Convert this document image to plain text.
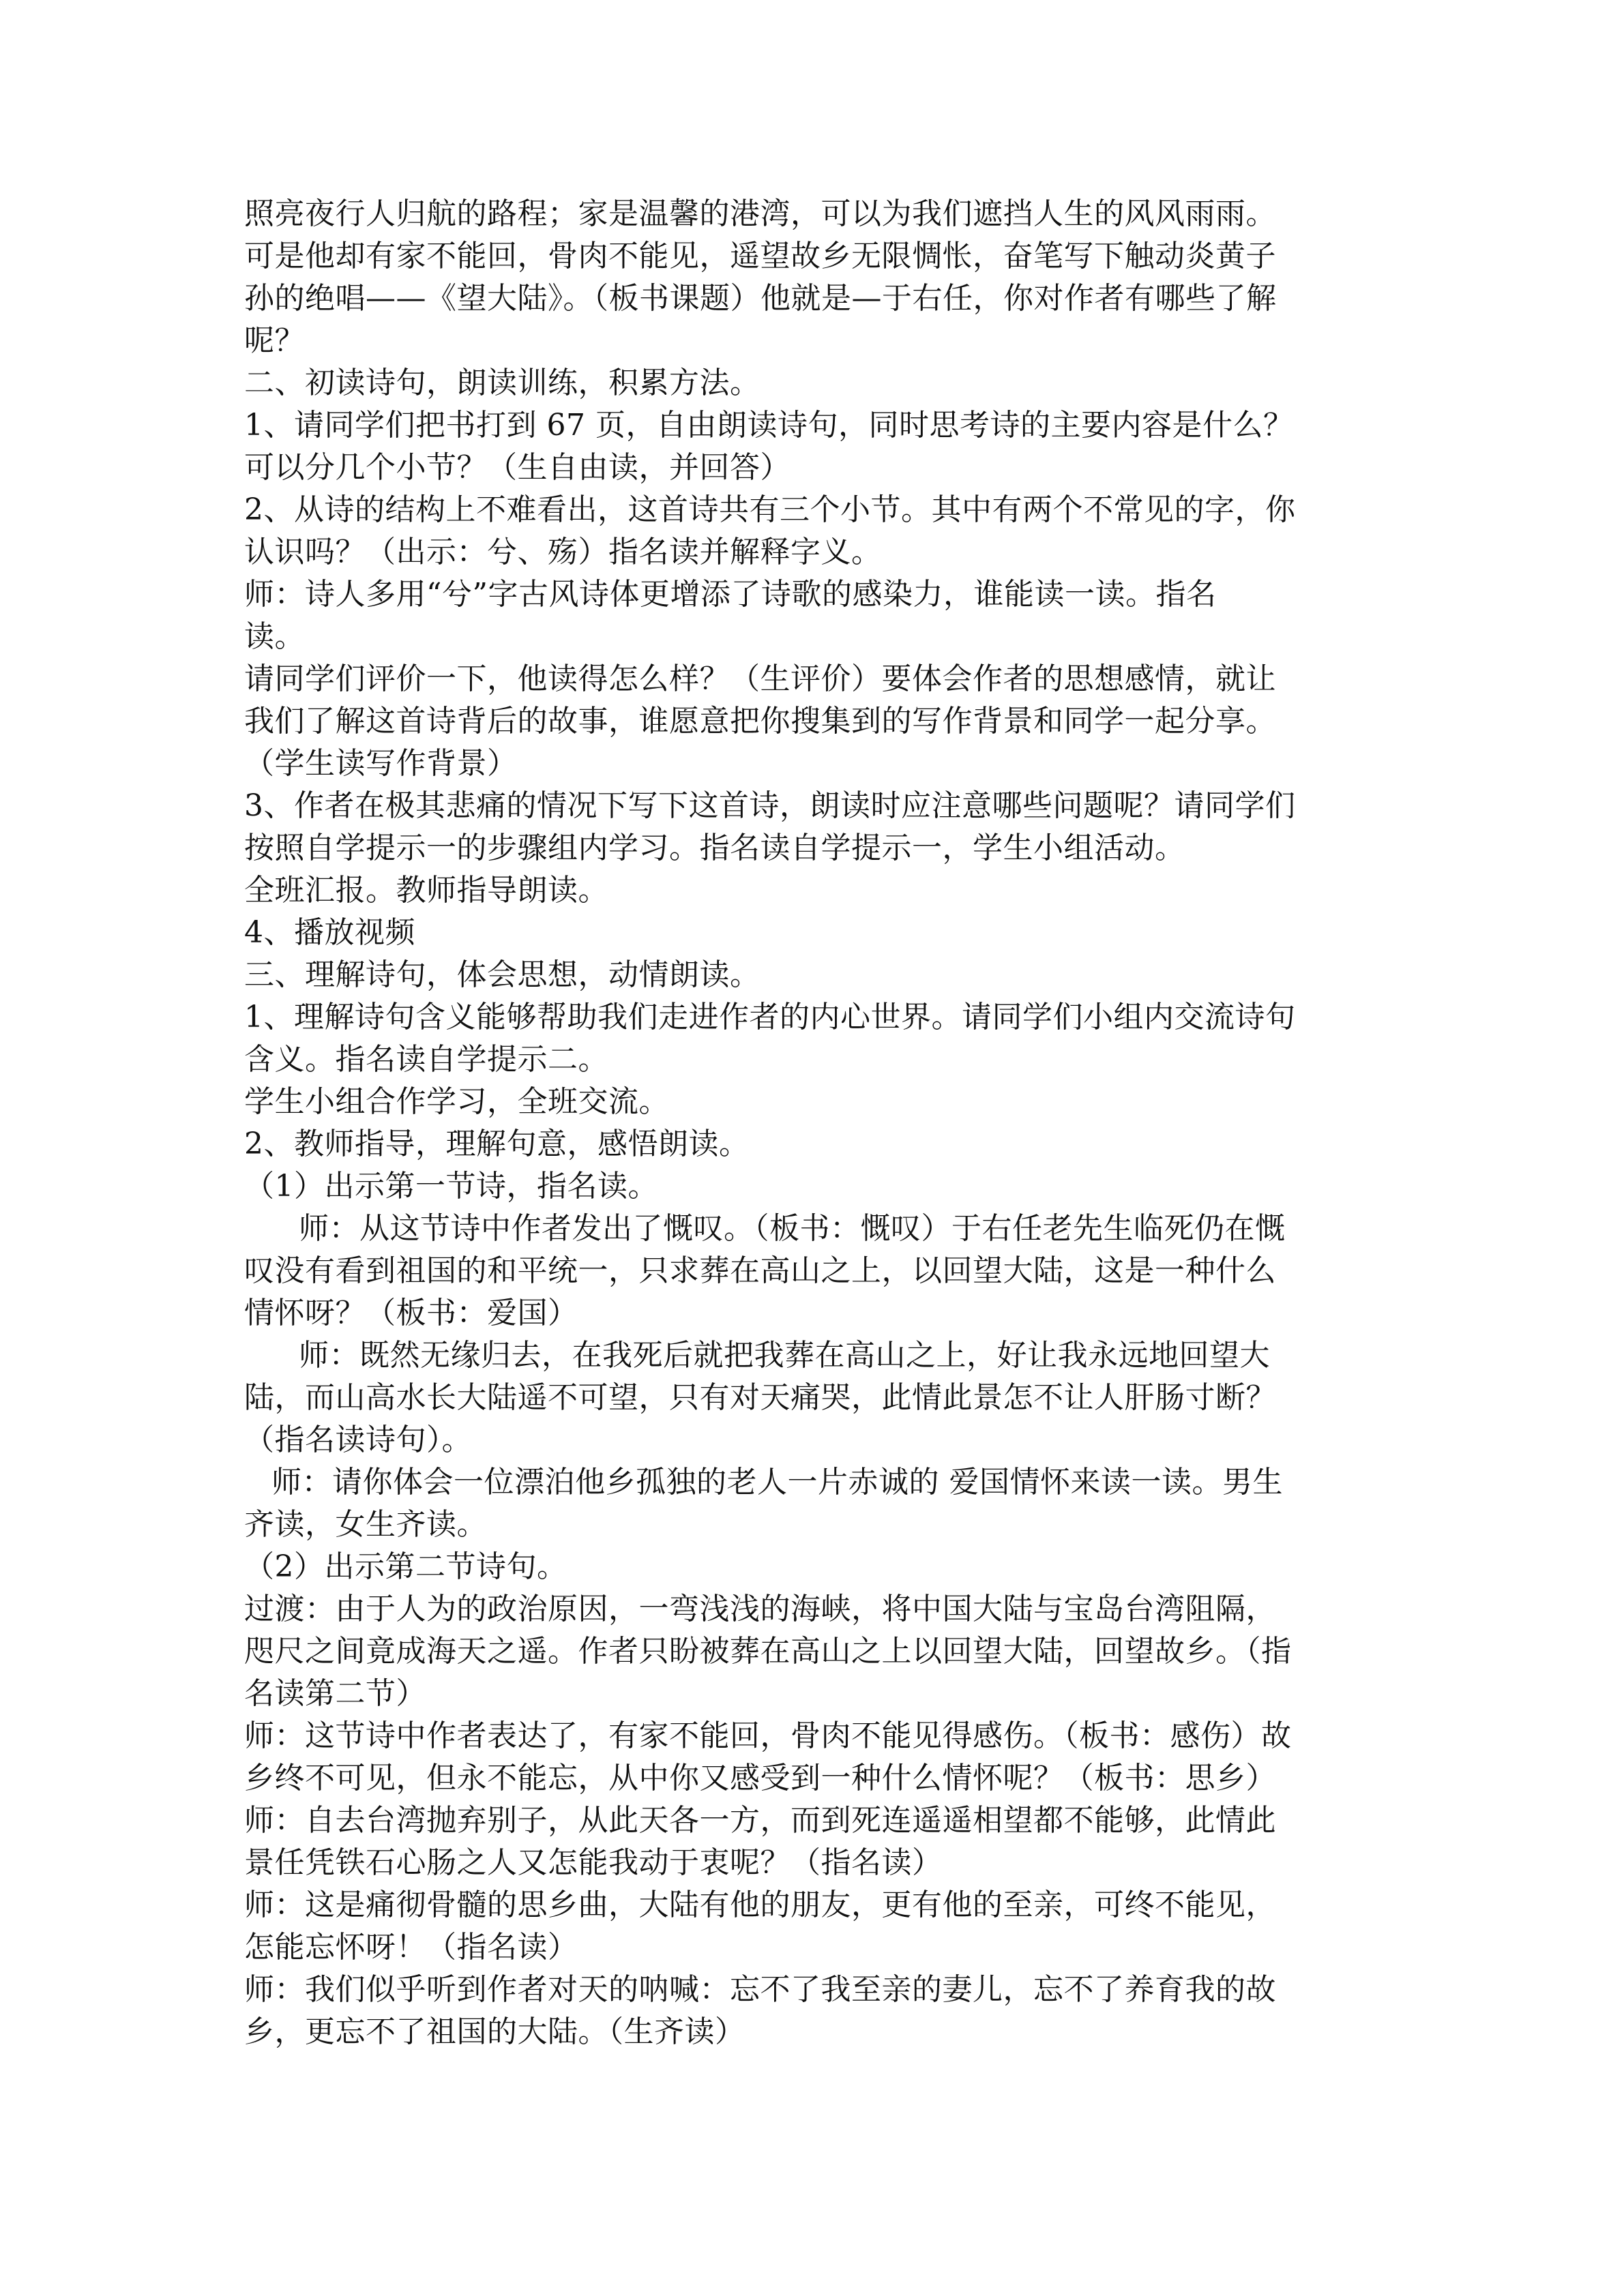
照亮夜行人归航的路程；家是温馨的港湾，可以为我们遮挡人生的风风雨雨。
可是他却有家不能回，骨肉不能见，遥望故乡无限惆怅，奋笔写下触动炎黄子
孙的绝唱——《望大陆》。（板书课题）他就是—于右任，你对作者有哪些了解
呢？
二、初读诗句，朗读训练，积累方法。
1、请同学们把书打到 67 页，自由朗读诗句，同时思考诗的主要内容是什么？
可以分几个小节？（生自由读，并回答）
2、从诗的结构上不难看出，这首诗共有三个小节。其中有两个不常见的字，你
认识吗？（出示：兮、殇）指名读并解释字义。
师：诗人多用“兮”字古风诗体更增添了诗歌的感染力，谁能读一读。指名
读。
请同学们评价一下，他读得怎么样？（生评价）要体会作者的思想感情，就让
我们了解这首诗背后的故事，谁愿意把你搜集到的写作背景和同学一起分享。
（学生读写作背景）
3、作者在极其悲痛的情况下写下这首诗，朗读时应注意哪些问题呢？请同学们
按照自学提示一的步骤组内学习。指名读自学提示一，学生小组活动。
全班汇报。教师指导朗读。
4、播放视频
三、理解诗句，体会思想，动情朗读。
1、理解诗句含义能够帮助我们走进作者的内心世界。请同学们小组内交流诗句
含义。指名读自学提示二。
学生小组合作学习，全班交流。
2、教师指导，理解句意，感悟朗读。
（1）出示第一节诗，指名读。
师：从这节诗中作者发出了慨叹。（板书：慨叹）于右任老先生临死仍在慨
叹没有看到祖国的和平统一，只求葬在高山之上，以回望大陆，这是一种什么
情怀呀？（板书：爱国）
师：既然无缘归去，在我死后就把我葬在高山之上，好让我永远地回望大
陆，而山高水长大陆遥不可望，只有对天痛哭，此情此景怎不让人肝肠寸断？
（指名读诗句）。
师：请你体会一位漂泊他乡孤独的老人一片赤诚的 爱国情怀来读一读。男生
齐读，女生齐读。
（2）出示第二节诗句。
过渡：由于人为的政治原因，一弯浅浅的海峡，将中国大陆与宝岛台湾阻隔，
咫尺之间竟成海天之遥。作者只盼被葬在高山之上以回望大陆，回望故乡。（指
名读第二节）
师：这节诗中作者表达了，有家不能回，骨肉不能见得感伤。（板书：感伤）故
乡终不可见，但永不能忘，从中你又感受到一种什么情怀呢？（板书：思乡）
师：自去台湾抛弃别子，从此天各一方，而到死连遥遥相望都不能够，此情此
景任凭铁石心肠之人又怎能我动于衷呢？（指名读）
师：这是痛彻骨髓的思乡曲，大陆有他的朋友，更有他的至亲，可终不能见，
怎能忘怀呀！（指名读）
师：我们似乎听到作者对天的呐喊：忘不了我至亲的妻儿，忘不了养育我的故
乡，更忘不了祖国的大陆。（生齐读）
